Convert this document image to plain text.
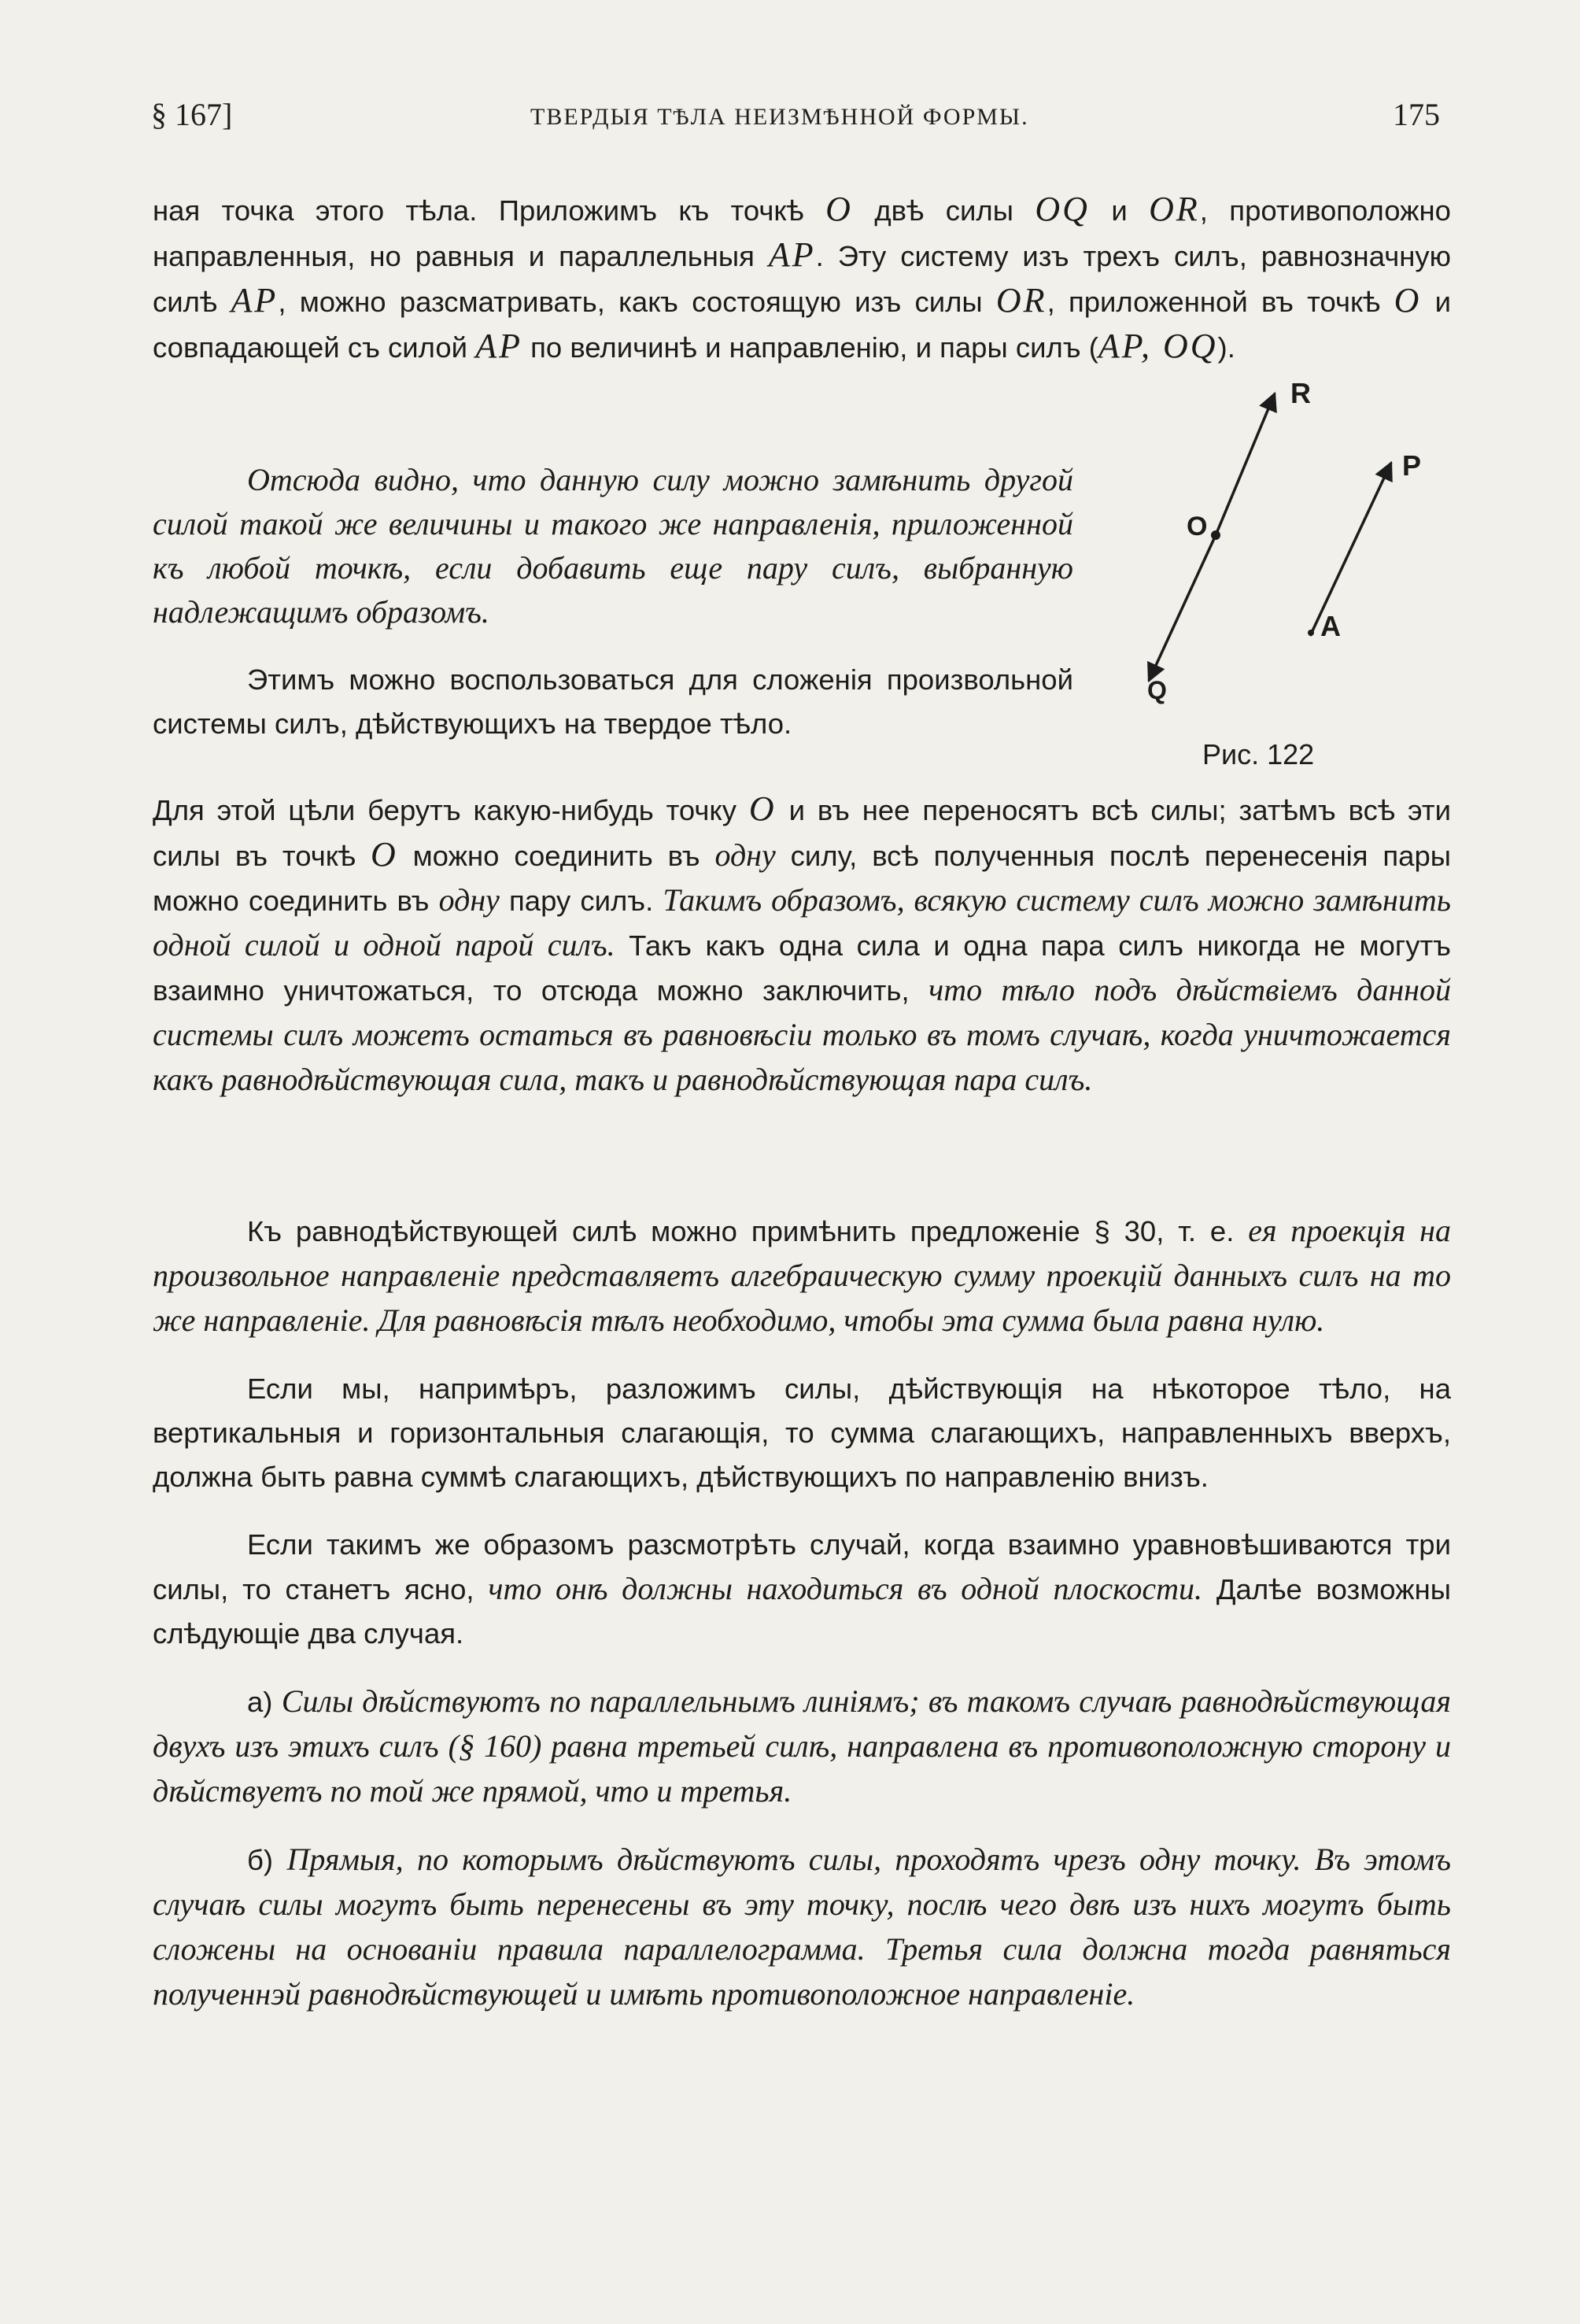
§ 167]	ТВЕРДЫЯ ТѢЛА НЕИЗМѢННОЙ ФОРМЫ.	175

ная точка этого тѣла. Приложимъ къ точкѣ O двѣ силы OQ и OR, противоположно направленныя, но равныя и параллельныя AP. Эту систему изъ трехъ силъ, равнозначную силѣ AP, можно разсматривать, какъ состоящую изъ силы OR, приложенной въ точкѣ O и совпадающей съ силой AP по величинѣ и направленію, и пары силъ (AP, OQ).

Отсюда видно, что данную силу можно замѣнить другой силой такой же величины и такого же направленія, приложенной къ любой точкѣ, если добавить еще пару силъ, выбранную надлежащимъ образомъ.

Этимъ можно воспользоваться для сложенія произвольной системы силъ, дѣйствующихъ на твердое тѣло.

R
P
O
A
Q
Рис. 122

Для этой цѣли берутъ какую-нибудь точку O и въ нее переносятъ всѣ силы; затѣмъ всѣ эти силы въ точкѣ O можно соединить въ одну силу, всѣ полученныя послѣ перенесенія пары можно соединить въ одну пару силъ. Такимъ образомъ, всякую систему силъ можно замѣнить одной силой и одной парой силъ. Такъ какъ одна сила и одна пара силъ никогда не могутъ взаимно уничтожаться, то отсюда можно заключить, что тѣло подъ дѣйствіемъ данной системы силъ можетъ остаться въ равновѣсіи только въ томъ случаѣ, когда уничтожается какъ равнодѣйствующая сила, такъ и равнодѣйствующая пара силъ.

Къ равнодѣйствующей силѣ можно примѣнить предложеніе § 30, т. е. ея проекція на произвольное направленіе представляетъ алгебраическую сумму проекцій данныхъ силъ на то же направленіе. Для равновѣсія тѣлъ необходимо, чтобы эта сумма была равна нулю.

Если мы, напримѣръ, разложимъ силы, дѣйствующія на нѣкоторое тѣло, на вертикальныя и горизонтальныя слагающія, то сумма слагающихъ, направленныхъ вверхъ, должна быть равна суммѣ слагающихъ, дѣйствующихъ по направленію внизъ.

Если такимъ же образомъ разсмотрѣть случай, когда взаимно уравновѣшиваются три силы, то станетъ ясно, что онѣ должны находиться въ одной плоскости. Далѣе возможны слѣдующіе два случая.

а) Силы дѣйствуютъ по параллельнымъ линіямъ; въ такомъ случаѣ равнодѣйствующая двухъ изъ этихъ силъ (§ 160) равна третьей силѣ, направлена въ противоположную сторону и дѣйствуетъ по той же прямой, что и третья.

б) Прямыя, по которымъ дѣйствуютъ силы, проходятъ чрезъ одну точку. Въ этомъ случаѣ силы могутъ быть перенесены въ эту точку, послѣ чего двѣ изъ нихъ могутъ быть сложены на основаніи правила параллелограмма. Третья сила должна тогда равняться полученнэй равнодѣйствующей и имѣть противоположное направленіе.
